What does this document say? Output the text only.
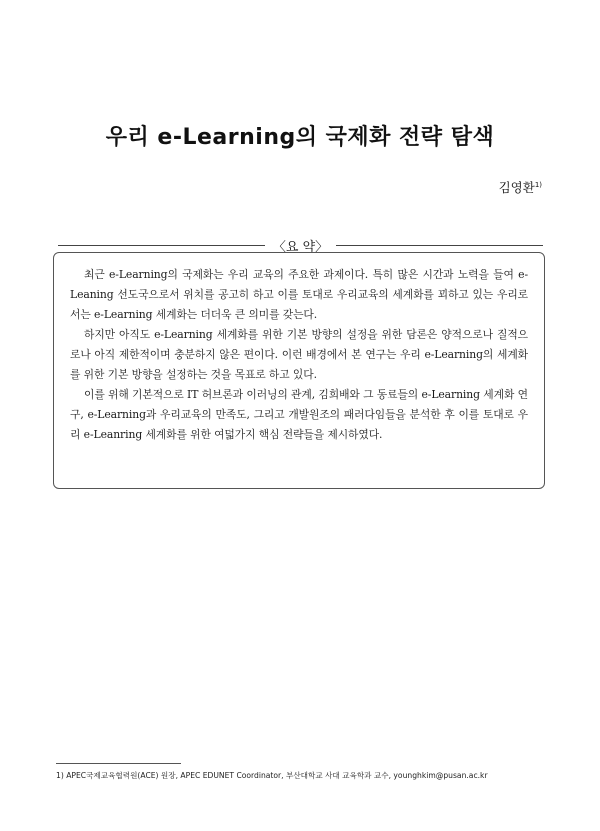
우리 e-Learning의 국제화 전략 탐색
김영환$^{1)}$
〈요 약〉

최근 e-Learning의 국제화는 우리 교육의 주요한 과제이다. 특히 많은 시간과 노력을 들여 e-Leaning 선도국으로서 위치를 공고히 하고 이를 토대로 우리교육의 세계화를 꾀하고 있는 우리로서는 e-Learning 세계화는 더더욱 큰 의미를 갖는다.

하지만 아직도 e-Learning 세계화를 위한 기본 방향의 설정을 위한 담론은 양적으로나 질적으로나 아직 제한적이며 충분하지 않은 편이다. 이런 배경에서 본 연구는 우리 e-Learning의 세계화를 위한 기본 방향을 설정하는 것을 목표로 하고 있다.

이를 위해 기본적으로 IT 허브론과 이러닝의 관계, 김희배와 그 동료들의 e-Learning 세계화 연구, e-Learning과 우리교육의 만족도, 그리고 개발원조의 패러다임들을 분석한 후 이를 토대로 우리 e-Leanring 세계화를 위한 여덟가지 핵심 전략들을 제시하였다.

1) APEC국제교육협력원(ACE) 원장, APEC EDUNET Coordinator, 부산대학교 사대 교육학과 교수, younghkim@pusan.ac.kr
